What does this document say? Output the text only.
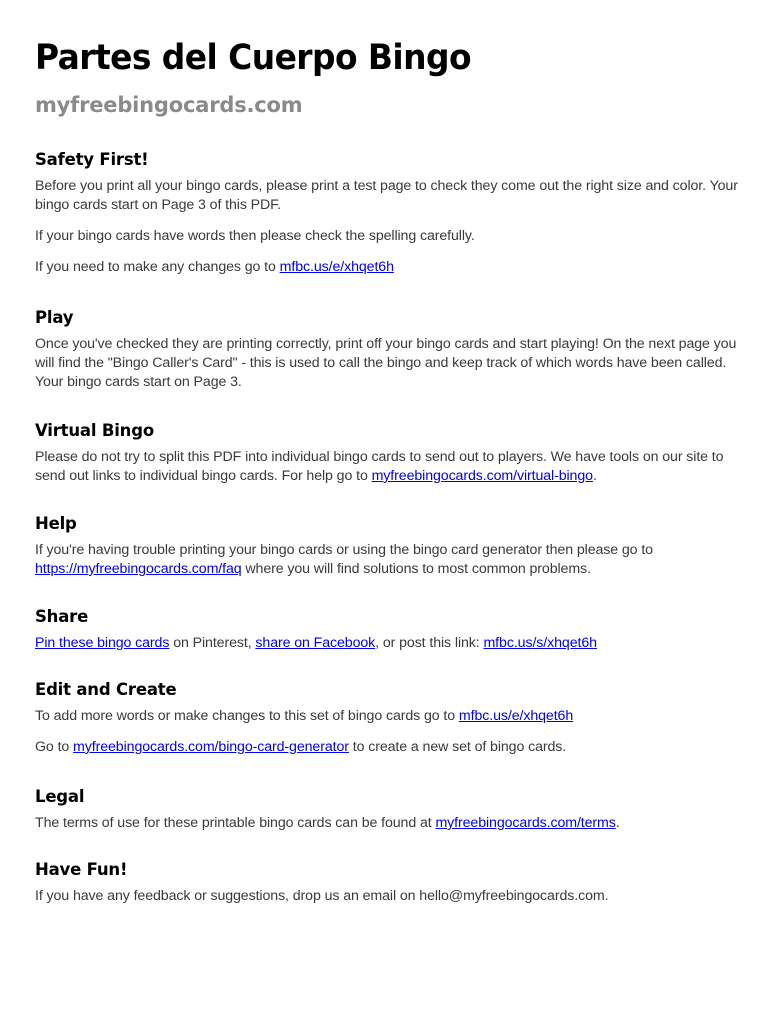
Partes del Cuerpo Bingo
myfreebingocards.com
Safety First!

Before you print all your bingo cards, please print a test page to check they come out the right size and color. Your bingo cards start on Page 3 of this PDF.

If your bingo cards have words then please check the spelling carefully.

If you need to make any changes go to mfbc.us/e/xhqet6h

Play

Once you've checked they are printing correctly, print off your bingo cards and start playing! On the next page you will find the "Bingo Caller's Card" - this is used to call the bingo and keep track of which words have been called. Your bingo cards start on Page 3.

Virtual Bingo

Please do not try to split this PDF into individual bingo cards to send out to players. We have tools on our site to send out links to individual bingo cards. For help go to myfreebingocards.com/virtual-bingo.

Help

If you're having trouble printing your bingo cards or using the bingo card generator then please go to https://myfreebingocards.com/faq where you will find solutions to most common problems.

Share

Pin these bingo cards on Pinterest, share on Facebook, or post this link: mfbc.us/s/xhqet6h

Edit and Create

To add more words or make changes to this set of bingo cards go to mfbc.us/e/xhqet6h

Go to myfreebingocards.com/bingo-card-generator to create a new set of bingo cards.

Legal

The terms of use for these printable bingo cards can be found at myfreebingocards.com/terms.

Have Fun!

If you have any feedback or suggestions, drop us an email on hello@myfreebingocards.com.
